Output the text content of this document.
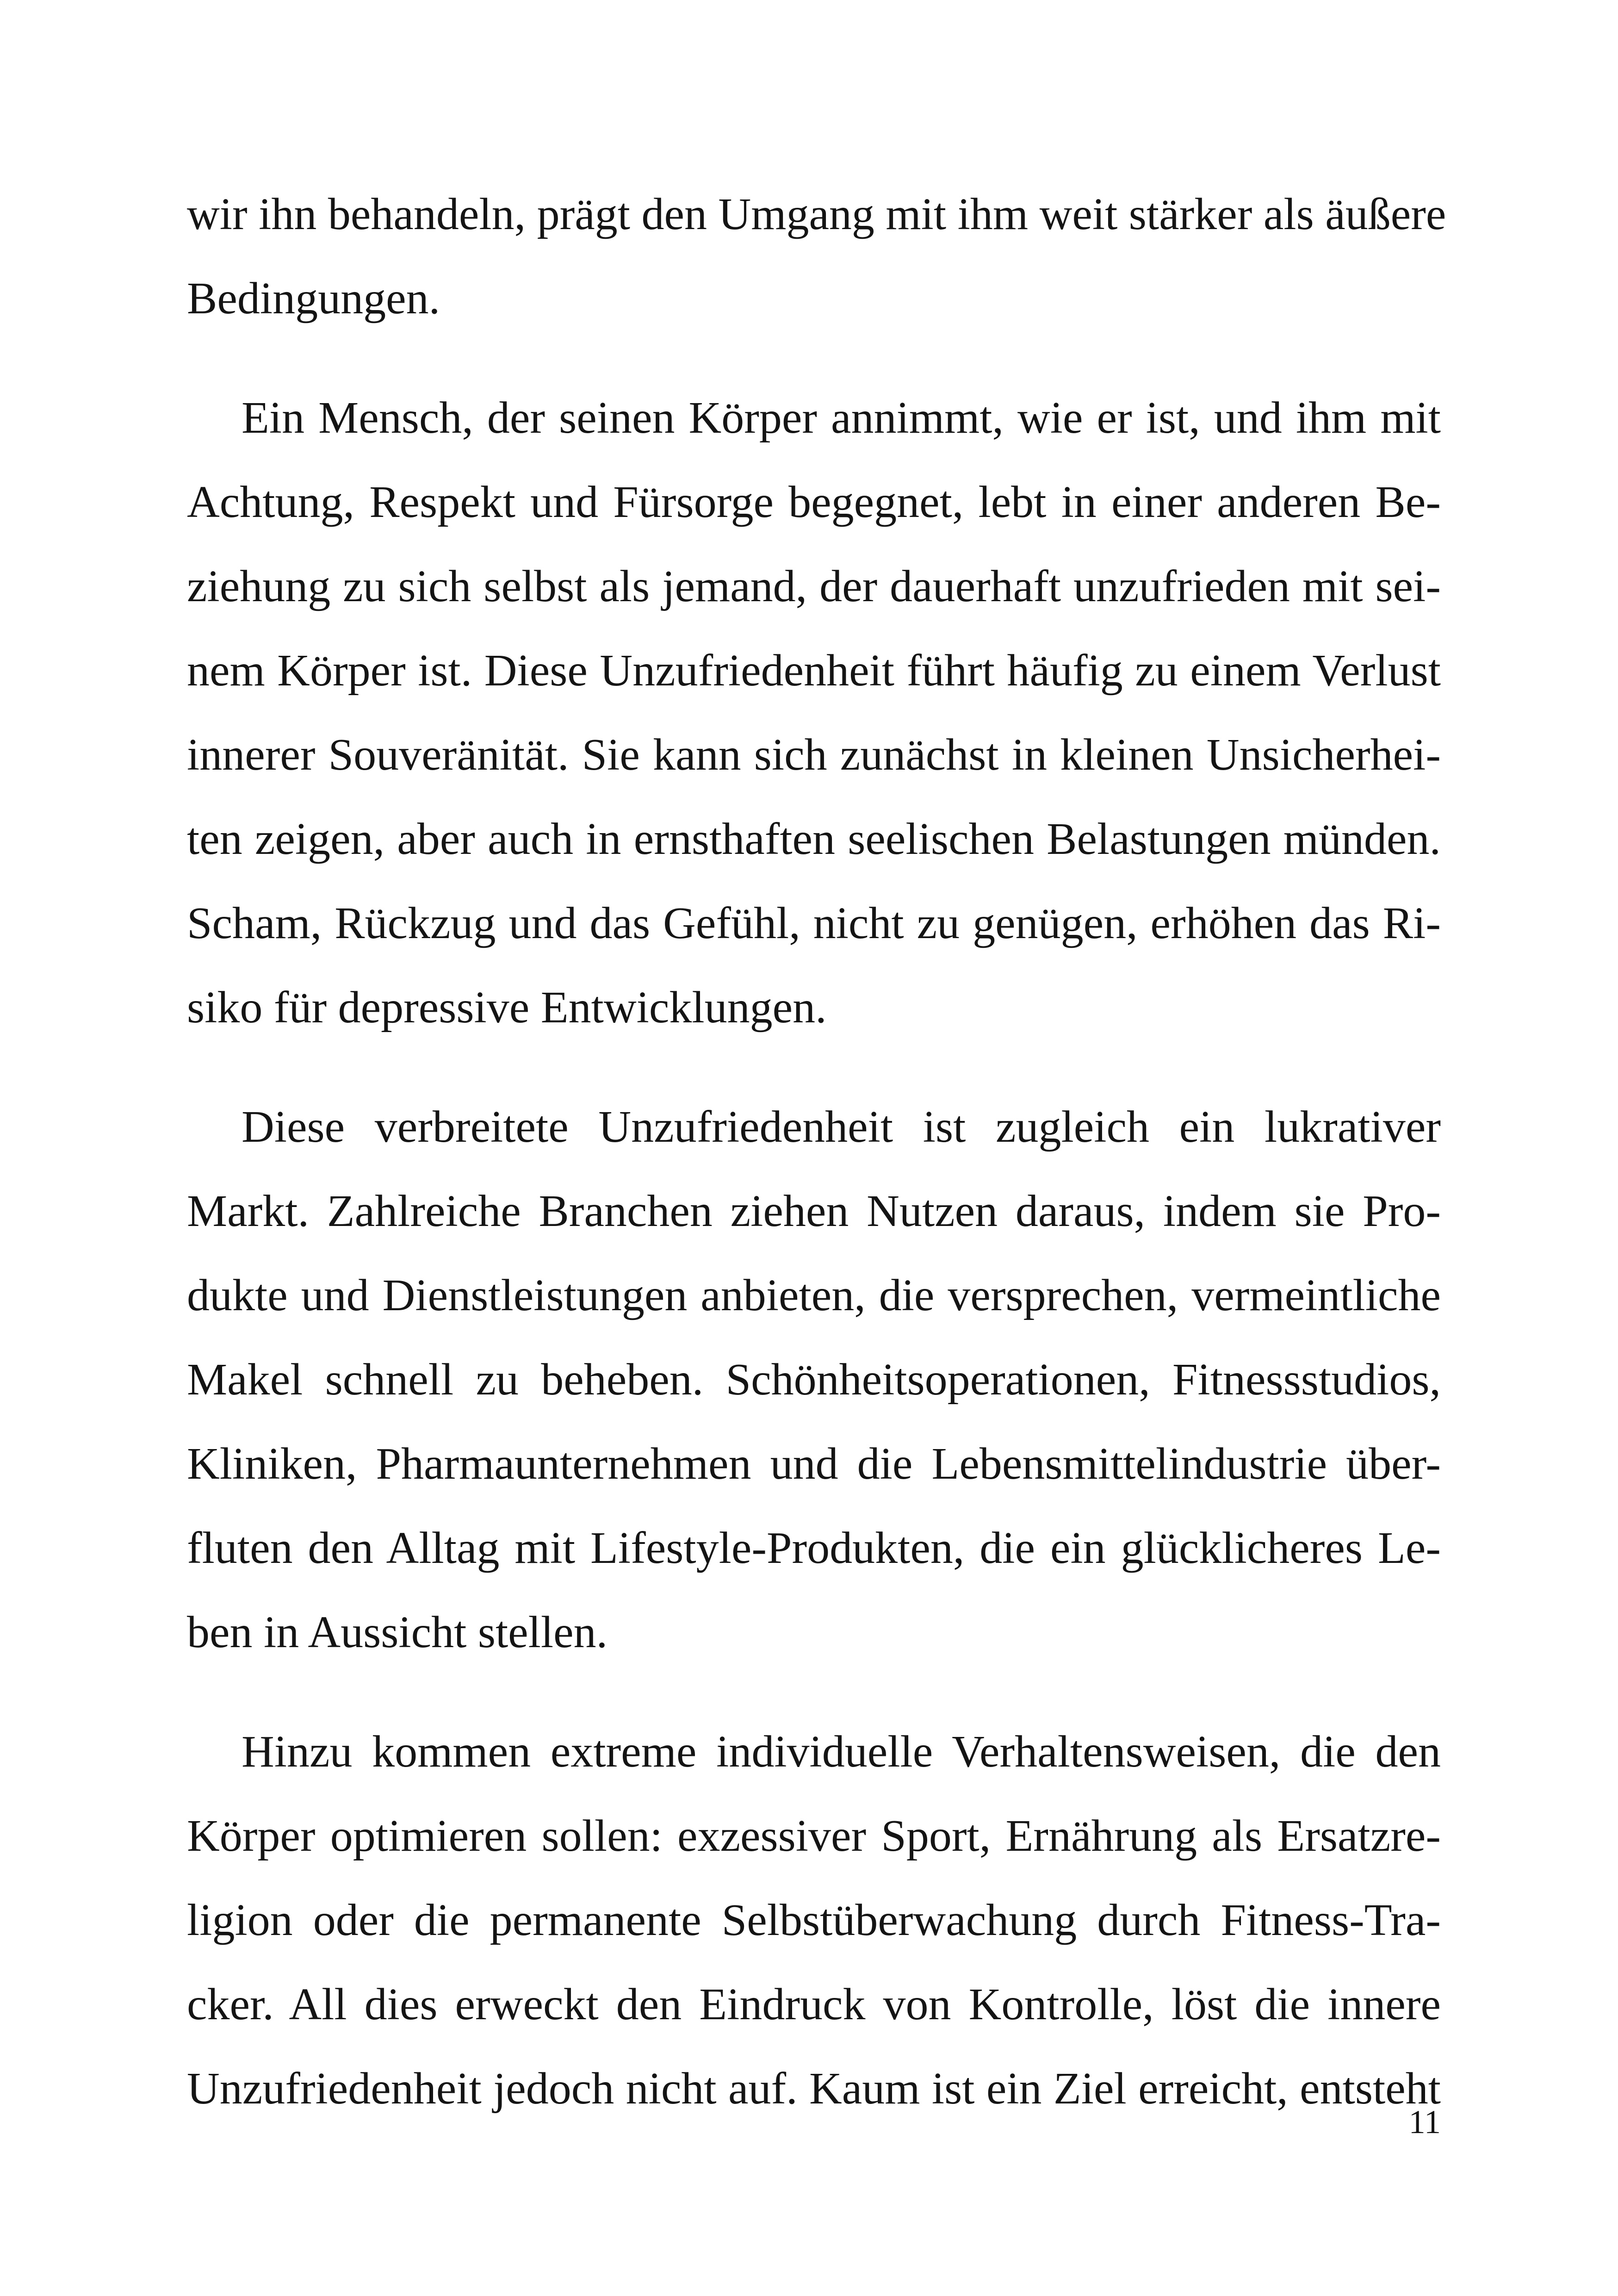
wir ihn behandeln, prägt den Umgang mit ihm weit stärker als äußere
Bedingungen.
Ein Mensch, der seinen Körper annimmt, wie er ist, und ihm mit
Achtung, Respekt und Fürsorge begegnet, lebt in einer anderen Be-
ziehung zu sich selbst als jemand, der dauerhaft unzufrieden mit sei-
nem Körper ist. Diese Unzufriedenheit führt häufig zu einem Verlust
innerer Souveränität. Sie kann sich zunächst in kleinen Unsicherhei-
ten zeigen, aber auch in ernsthaften seelischen Belastungen münden.
Scham, Rückzug und das Gefühl, nicht zu genügen, erhöhen das Ri-
siko für depressive Entwicklungen.
Diese verbreitete Unzufriedenheit ist zugleich ein lukrativer
Markt. Zahlreiche Branchen ziehen Nutzen daraus, indem sie Pro-
dukte und Dienstleistungen anbieten, die versprechen, vermeintliche
Makel schnell zu beheben. Schönheitsoperationen, Fitnessstudios,
Kliniken, Pharmaunternehmen und die Lebensmittelindustrie über-
fluten den Alltag mit Lifestyle-Produkten, die ein glücklicheres Le-
ben in Aussicht stellen.
Hinzu kommen extreme individuelle Verhaltensweisen, die den
Körper optimieren sollen: exzessiver Sport, Ernährung als Ersatzre-
ligion oder die permanente Selbstüberwachung durch Fitness-Tra-
cker. All dies erweckt den Eindruck von Kontrolle, löst die innere
Unzufriedenheit jedoch nicht auf. Kaum ist ein Ziel erreicht, entsteht
11
